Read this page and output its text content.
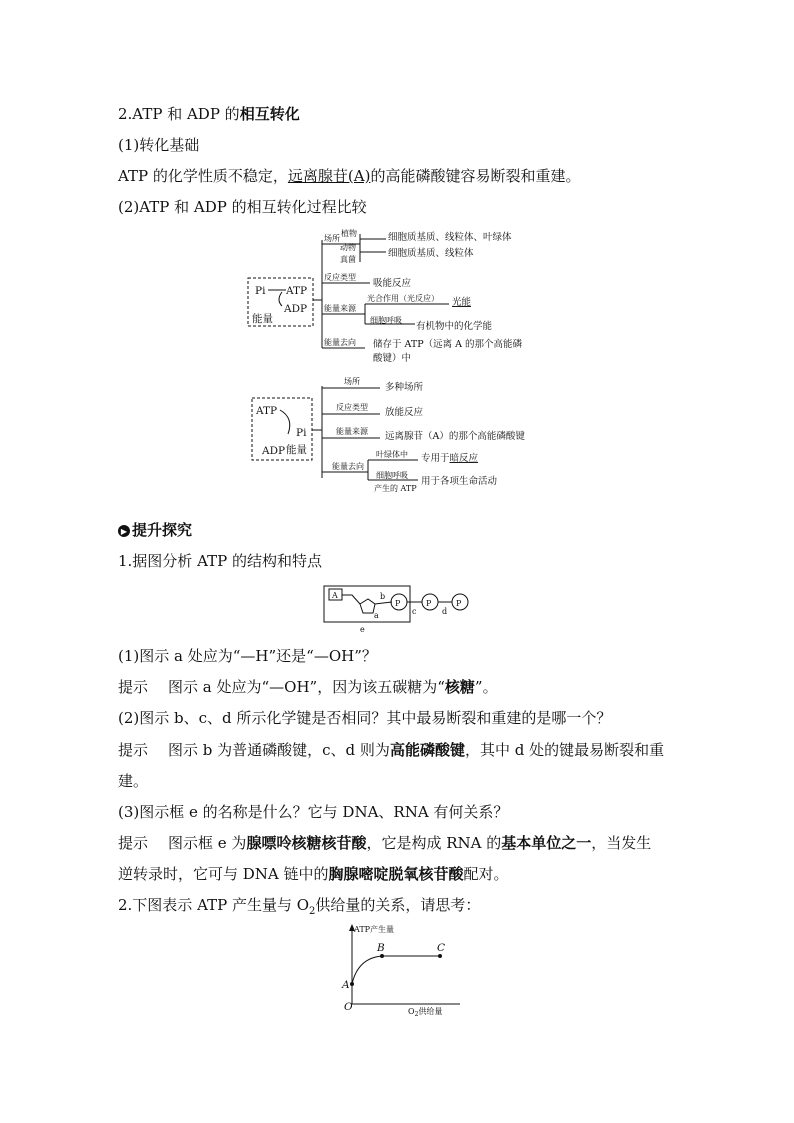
2.ATP 和 ADP 的相互转化
(1)转化基础
ATP 的化学性质不稳定，远离腺苷(A)的高能磷酸键容易断裂和重建。
(2)ATP 和 ADP 的相互转化过程比较
Pi ATP
ADP
能量
场所
植物	细胞质基质、线粒体、叶绿体
动物
细胞质基质、线粒体
真菌
反应类型
吸能反应
能量来源
光合作用（光反应） 光能
细胞呼吸
有机物中的化学能
能量去向 储存于 ATP（远离 A 的那个高能磷
酸键）中
ATP
Pi
ADP 能量
场所
多种场所
反应类型 放能反应
能量来源 远离腺苷（A）的那个高能磷酸键
能量去向
叶绿体中 专用于暗反应
细胞呼吸
产生的 ATP
用于各项生命活动
▶ 提升探究
1.据图分析 ATP 的结构和特点
A	b
a
P
c
P
d
P
e
(1)图示 a 处应为“—H”还是“—OH”？
提示 图示 a 处应为“—OH”，因为该五碳糖为“核糖”。
(2)图示 b、c、d 所示化学键是否相同？其中最易断裂和重建的是哪一个？
提示 图示 b 为普通磷酸键，c、d 则为高能磷酸键，其中 d 处的键最易断裂和重
建。
(3)图示框 e 的名称是什么？它与 DNA、RNA 有何关系？
提示 图示框 e 为腺嘌呤核糖核苷酸，它是构成 RNA 的基本单位之一，当发生
逆转录时，它可与 DNA 链中的胸腺嘧啶脱氧核苷酸配对。
2.下图表示 ATP 产生量与 $O_2$供给量的关系，请思考：
ATP产生量
O	$O_2$供给量
A
B	C
